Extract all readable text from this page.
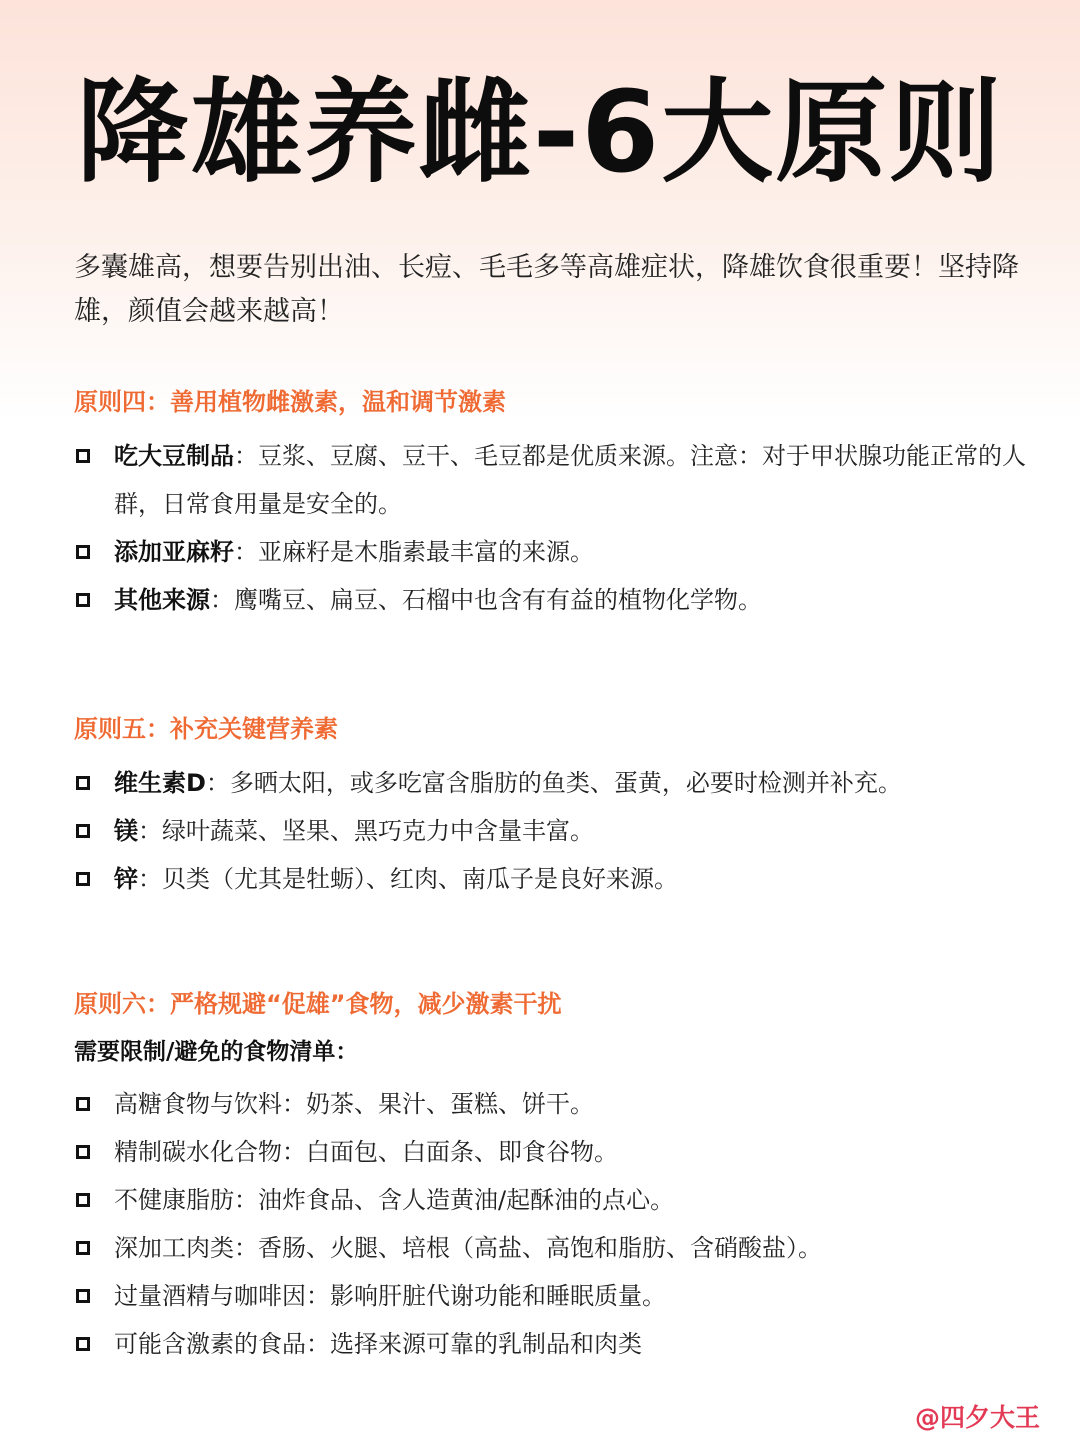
降雄养雌-6大原则
多囊雄高，想要告别出油、长痘、毛毛多等高雄症状，降雄饮食很重要！坚持降雄，颜值会越来越高！
原则四：善用植物雌激素，温和调节激素
吃大豆制品：豆浆、豆腐、豆干、毛豆都是优质来源。注意：对于甲状腺功能正常的人群，日常食用量是安全的。
添加亚麻籽：亚麻籽是木脂素最丰富的来源。
其他来源：鹰嘴豆、扁豆、石榴中也含有有益的植物化学物。
原则五：补充关键营养素
维生素D：多晒太阳，或多吃富含脂肪的鱼类、蛋黄，必要时检测并补充。
镁：绿叶蔬菜、坚果、黑巧克力中含量丰富。
锌：贝类（尤其是牡蛎）、红肉、南瓜子是良好来源。
原则六：严格规避“促雄”食物，减少激素干扰
需要限制/避免的食物清单：
高糖食物与饮料：奶茶、果汁、蛋糕、饼干。
精制碳水化合物：白面包、白面条、即食谷物。
不健康脂肪：油炸食品、含人造黄油/起酥油的点心。
深加工肉类：香肠、火腿、培根（高盐、高饱和脂肪、含硝酸盐）。
过量酒精与咖啡因：影响肝脏代谢功能和睡眠质量。
可能含激素的食品：选择来源可靠的乳制品和肉类
@四夕大王
